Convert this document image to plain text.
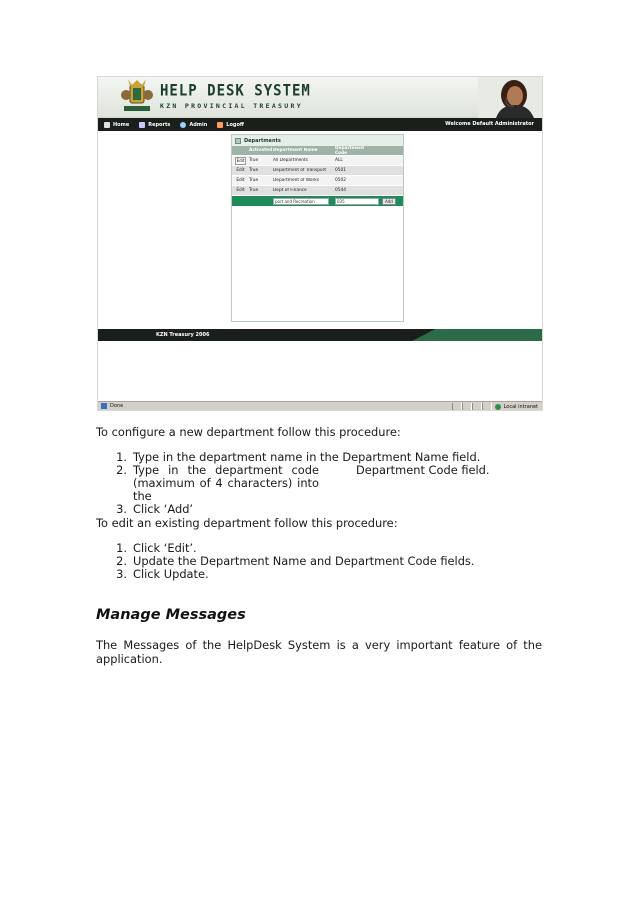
HELP DESK SYSTEM
KZN PROVINCIAL TREASURY
Home	Reports	Admin	Logoff	Welcome Default Administrator
Departments
Activated Department Name	Department Code
Edit	True	All Departments	ALL
Edit	True	Department of Transport	0501
Edit	True	Department of Works	0502
Edit	True	Dept of Finance	0544
port and Recreation	035	Add
KZN Treasury 2006
Done	Local intranet

To configure a new department follow this procedure:

1. Type in the department name in the Department Name field.
2. Type in the department code (maximum of 4 characters) into the
Department Code field.
3. Click ‘Add’

To edit an existing department follow this procedure:

1. Click ‘Edit’.
2. Update the Department Name and Department Code fields.
3. Click Update.
Manage Messages

The Messages of the HelpDesk System is a very important feature of the application.
